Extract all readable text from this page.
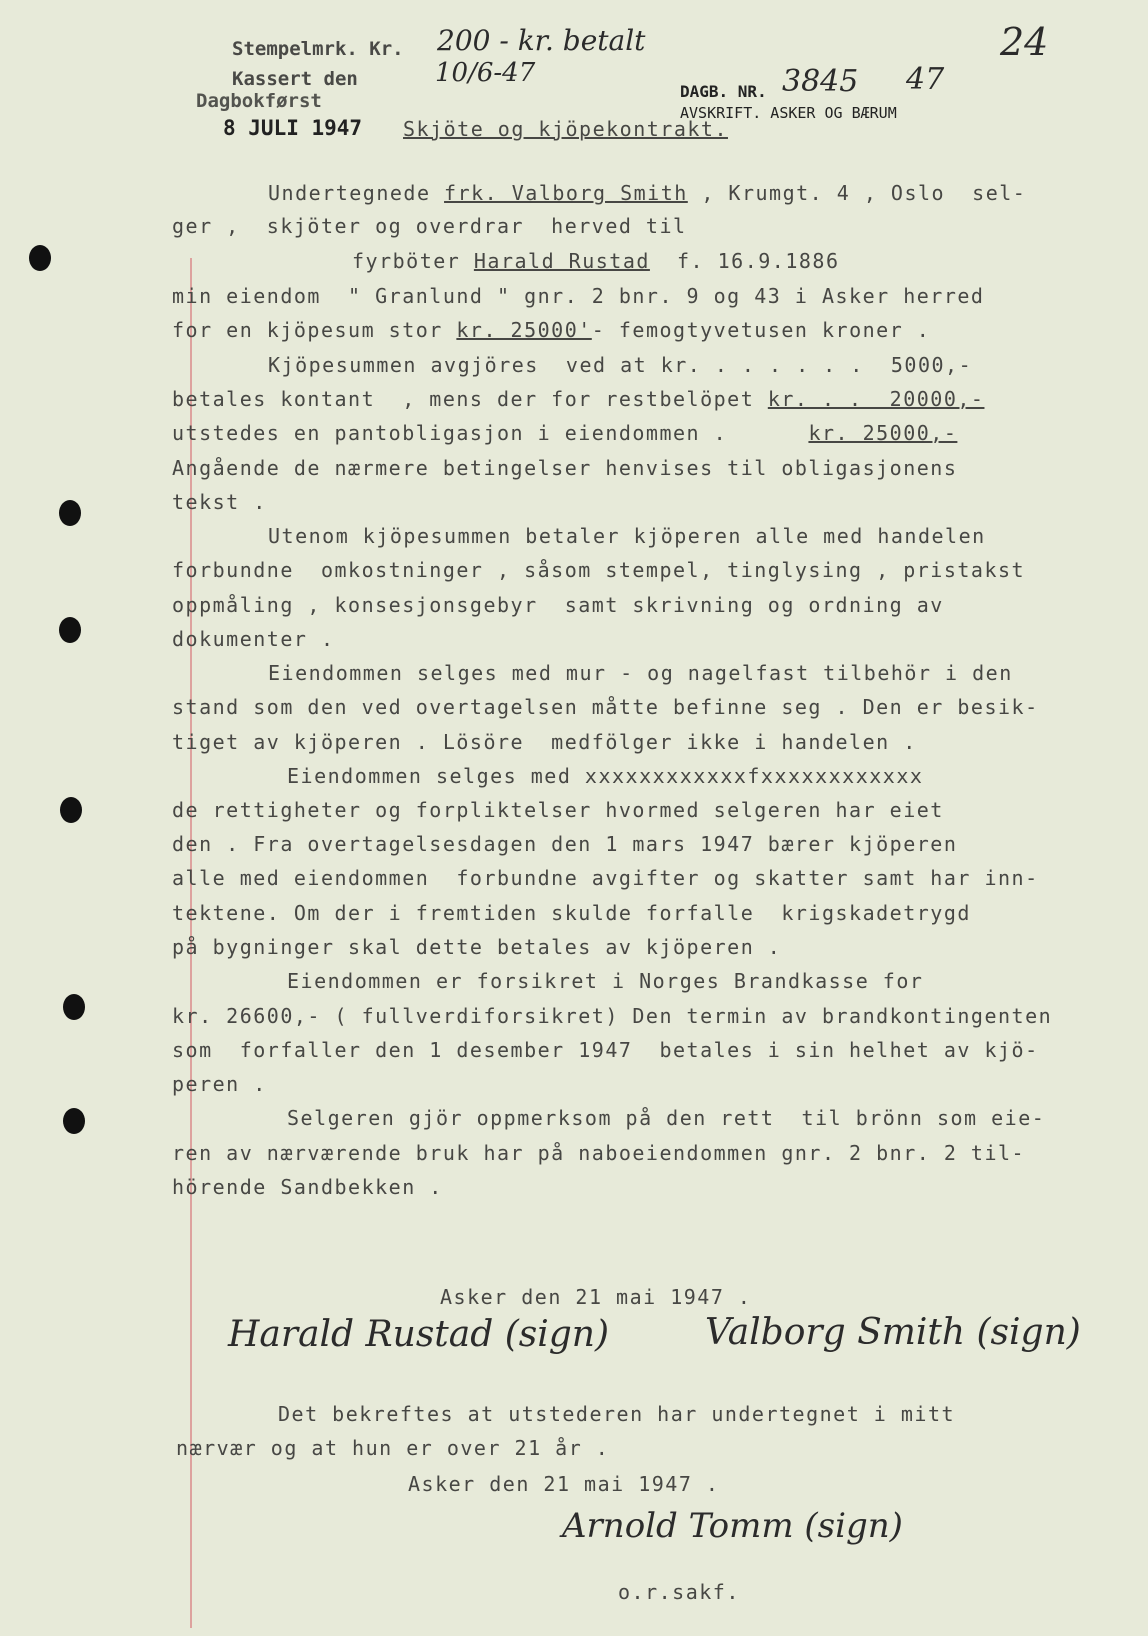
Stempelmrk. Kr. 200 - kr. betalt
Kassert den	10/6-47
Dagbokførst
8 JULI 1947
DAGB. NR. 3845 47
AVSKRIFT. ASKER OG BÆRUM
24
Skjöte og kjöpekontrakt.
Undertegnede frk. Valborg Smith , Krumgt. 4 , Oslo  sel-
ger ,  skjöter og overdrar  herved til
fyrböter Harald Rustad  f. 16.9.1886
min eiendom  " Granlund " gnr. 2 bnr. 9 og 43 i Asker herred
for en kjöpesum stor kr. 25000'- femogtyvetusen kroner .
Kjöpesummen avgjöres  ved at kr. . . . . . .  5000,-
betales kontant  , mens der for restbelöpet kr. . .  20000,-
utstedes en pantobligasjon i eiendommen .      kr. 25000,-
Angående de nærmere betingelser henvises til obligasjonens
tekst .
Utenom kjöpesummen betaler kjöperen alle med handelen
forbundne  omkostninger , såsom stempel, tinglysing , pristakst
oppmåling , konsesjonsgebyr  samt skrivning og ordning av
dokumenter .
Eiendommen selges med mur - og nagelfast tilbehör i den
stand som den ved overtagelsen måtte befinne seg . Den er besik-
tiget av kjöperen . Lösöre  medfölger ikke i handelen .
Eiendommen selges med xxxxxxxxxxxxfxxxxxxxxxxxx
de rettigheter og forpliktelser hvormed selgeren har eiet
den . Fra overtagelsesdagen den 1 mars 1947 bærer kjöperen
alle med eiendommen  forbundne avgifter og skatter samt har inn-
tektene. Om der i fremtiden skulde forfalle  krigskadetrygd
på bygninger skal dette betales av kjöperen .
Eiendommen er forsikret i Norges Brandkasse for
kr. 26600,- ( fullverdiforsikret) Den termin av brandkontingenten
som  forfaller den 1 desember 1947  betales i sin helhet av kjö-
peren .
Selgeren gjör oppmerksom på den rett  til brönn som eie-
ren av nærværende bruk har på naboeiendommen gnr. 2 bnr. 2 til-
hörende Sandbekken .
Asker den 21 mai 1947 .
Harald Rustad (sign)	Valborg Smith (sign)
Det bekreftes at utstederen har undertegnet i mitt
nærvær og at hun er over 21 år .
Asker den 21 mai 1947 .
Arnold Tomm (sign)
o.r.sakf.
